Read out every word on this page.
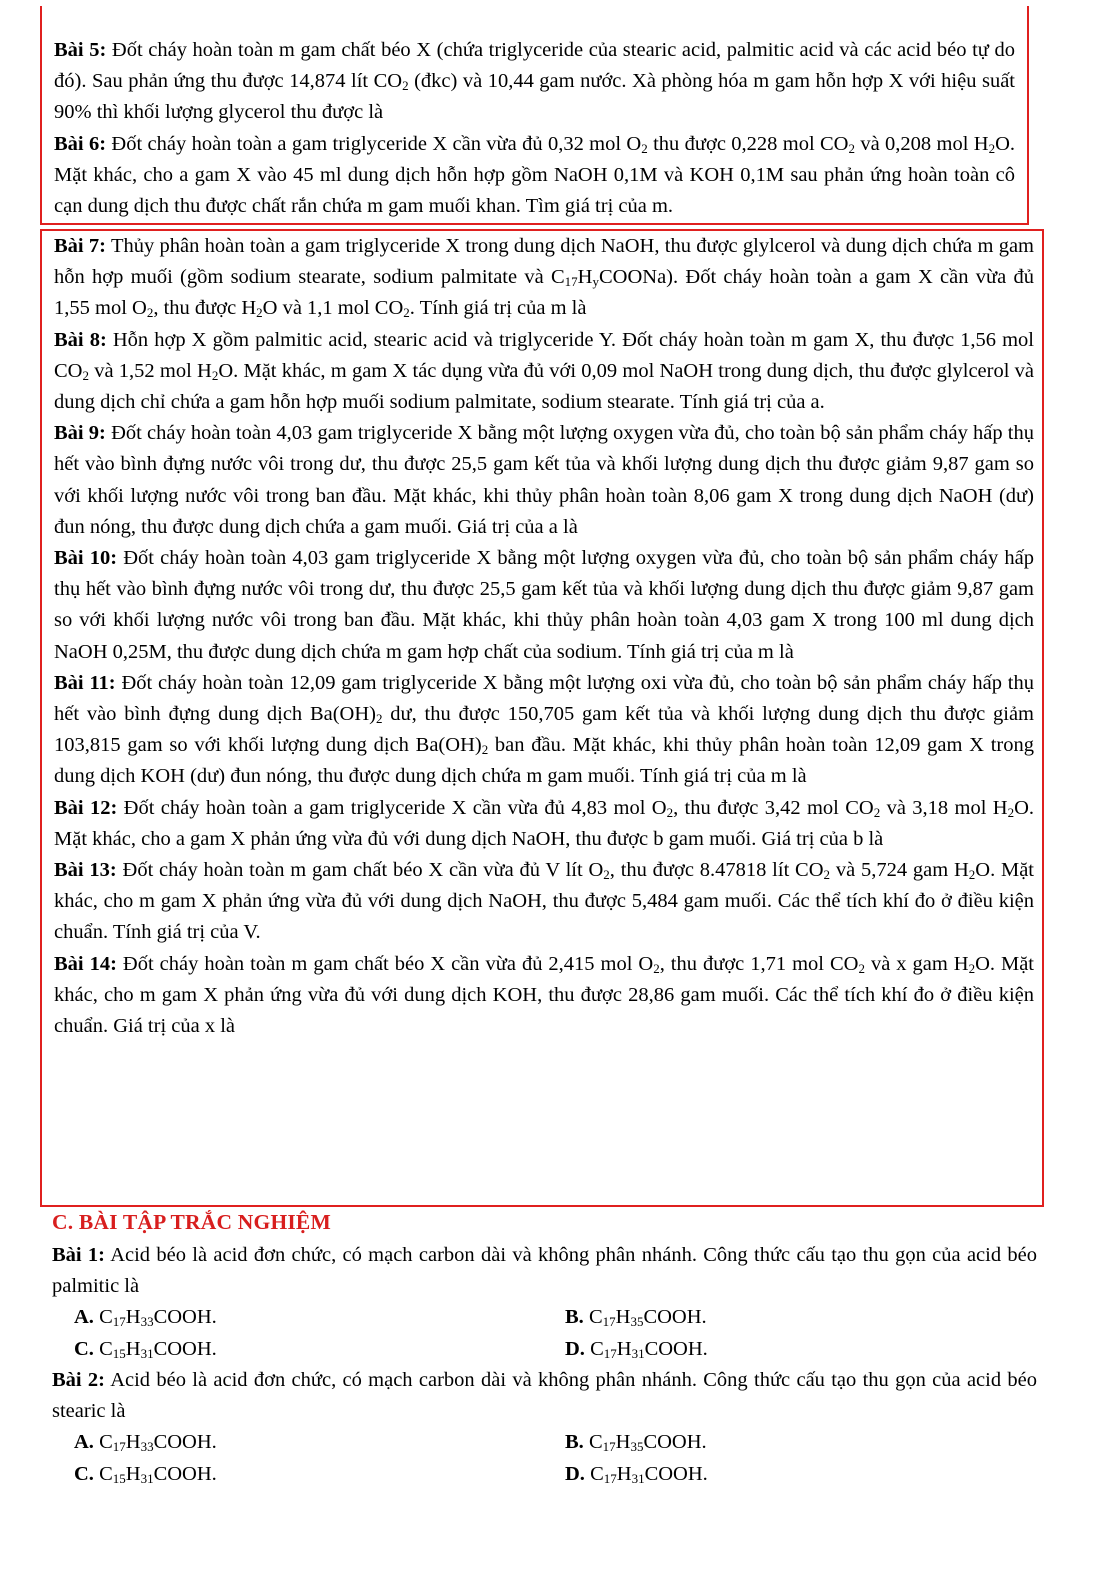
Bài 5: Đốt cháy hoàn toàn m gam chất béo X (chứa triglyceride của stearic acid, palmitic acid và các acid béo tự do đó). Sau phản ứng thu được 14,874 lít $CO_2$ (đkc) và 10,44 gam nước. Xà phòng hóa m gam hỗn hợp X với hiệu suất 90% thì khối lượng glycerol thu được là

Bài 6: Đốt cháy hoàn toàn a gam triglyceride X cần vừa đủ 0,32 mol $O_2$ thu được 0,228 mol $CO_2$ và 0,208 mol $H_2O$. Mặt khác, cho a gam X vào 45 ml dung dịch hỗn hợp gồm NaOH 0,1M và KOH 0,1M sau phản ứng hoàn toàn cô cạn dung dịch thu được chất rắn chứa m gam muối khan. Tìm giá trị của m.

Bài 7: Thủy phân hoàn toàn a gam triglyceride X trong dung dịch NaOH, thu được glylcerol và dung dịch chứa m gam hỗn hợp muối (gồm sodium stearate, sodium palmitate và $C_{17}H_yCOONa$). Đốt cháy hoàn toàn a gam X cần vừa đủ 1,55 mol $O_2$, thu được $H_2O$ và 1,1 mol $CO_2$. Tính giá trị của m là

Bài 8: Hỗn hợp X gồm palmitic acid, stearic acid và triglyceride Y. Đốt cháy hoàn toàn m gam X, thu được 1,56 mol $CO_2$ và 1,52 mol $H_2O$. Mặt khác, m gam X tác dụng vừa đủ với 0,09 mol NaOH trong dung dịch, thu được glylcerol và dung dịch chỉ chứa a gam hỗn hợp muối sodium palmitate, sodium stearate. Tính giá trị của a.

Bài 9: Đốt cháy hoàn toàn 4,03 gam triglyceride X bằng một lượng oxygen vừa đủ, cho toàn bộ sản phẩm cháy hấp thụ hết vào bình đựng nước vôi trong dư, thu được 25,5 gam kết tủa và khối lượng dung dịch thu được giảm 9,87 gam so với khối lượng nước vôi trong ban đầu. Mặt khác, khi thủy phân hoàn toàn 8,06 gam X trong dung dịch NaOH (dư) đun nóng, thu được dung dịch chứa a gam muối. Giá trị của a là

Bài 10: Đốt cháy hoàn toàn 4,03 gam triglyceride X bằng một lượng oxygen vừa đủ, cho toàn bộ sản phẩm cháy hấp thụ hết vào bình đựng nước vôi trong dư, thu được 25,5 gam kết tủa và khối lượng dung dịch thu được giảm 9,87 gam so với khối lượng nước vôi trong ban đầu. Mặt khác, khi thủy phân hoàn toàn 4,03 gam X trong 100 ml dung dịch NaOH 0,25M, thu được dung dịch chứa m gam hợp chất của sodium. Tính giá trị của m là

Bài 11: Đốt cháy hoàn toàn 12,09 gam triglyceride X bằng một lượng oxi vừa đủ, cho toàn bộ sản phẩm cháy hấp thụ hết vào bình đựng dung dịch $Ba(OH)_2$ dư, thu được 150,705 gam kết tủa và khối lượng dung dịch thu được giảm 103,815 gam so với khối lượng dung dịch $Ba(OH)_2$ ban đầu. Mặt khác, khi thủy phân hoàn toàn 12,09 gam X trong dung dịch KOH (dư) đun nóng, thu được dung dịch chứa m gam muối. Tính giá trị của m là

Bài 12: Đốt cháy hoàn toàn a gam triglyceride X cần vừa đủ 4,83 mol $O_2$, thu được 3,42 mol $CO_2$ và 3,18 mol $H_2O$. Mặt khác, cho a gam X phản ứng vừa đủ với dung dịch NaOH, thu được b gam muối. Giá trị của b là

Bài 13: Đốt cháy hoàn toàn m gam chất béo X cần vừa đủ V lít $O_2$, thu được 8.47818 lít $CO_2$ và 5,724 gam $H_2O$. Mặt khác, cho m gam X phản ứng vừa đủ với dung dịch NaOH, thu được 5,484 gam muối. Các thể tích khí đo ở điều kiện chuẩn. Tính giá trị của V.

Bài 14: Đốt cháy hoàn toàn m gam chất béo X cần vừa đủ 2,415 mol $O_2$, thu được 1,71 mol $CO_2$ và x gam $H_2O$. Mặt khác, cho m gam X phản ứng vừa đủ với dung dịch KOH, thu được 28,86 gam muối. Các thể tích khí đo ở điều kiện chuẩn. Giá trị của x là

C. BÀI TẬP TRẮC NGHIỆM

Bài 1: Acid béo là acid đơn chức, có mạch carbon dài và không phân nhánh. Công thức cấu tạo thu gọn của acid béo palmitic là

A. $C_{17}H_{33}COOH$.	B. $C_{17}H_{35}COOH$.
C. $C_{15}H_{31}COOH$.	D. $C_{17}H_{31}COOH$.

Bài 2: Acid béo là acid đơn chức, có mạch carbon dài và không phân nhánh. Công thức cấu tạo thu gọn của acid béo stearic là

A. $C_{17}H_{33}COOH$.	B. $C_{17}H_{35}COOH$.
C. $C_{15}H_{31}COOH$.	D. $C_{17}H_{31}COOH$.
